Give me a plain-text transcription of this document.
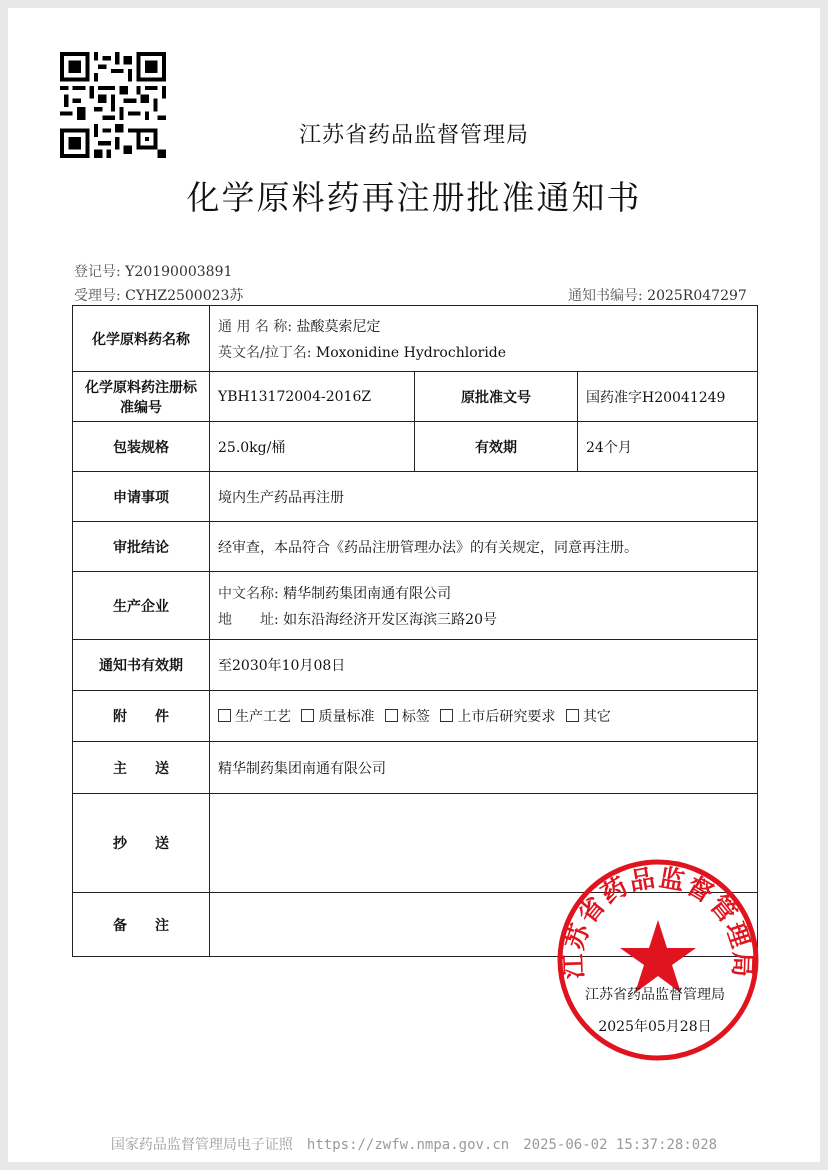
江苏省药品监督管理局
化学原料药再注册批准通知书
登记号: Y20190003891
受理号: CYHZ2500023苏	通知书编号: 2025R047297
化学原料药名称	通 用 名 称: 盐酸莫索尼定
英文名/拉丁名: Moxonidine Hydrochloride		

化学原料药注册标准编号	YBH13172004-2016Z	原批准文号	国药准字H20041249
包装规格	25.0kg/桶	有效期	24个月
申请事项	境内生产药品再注册		
审批结论	经审查，本品符合《药品注册管理办法》的有关规定，同意再注册。		
生产企业	中文名称: 精华制药集团南通有限公司
地　　址: 如东沿海经济开发区海滨三路20号		

通知书有效期	至2030年10月08日		
附　　件	生产工艺 质量标准 标签 上市后研究要求 其它		
主　　送	精华制药集团南通有限公司		
抄　　送			
备　　注			
江苏省药品监督管理局
江苏省药品监督管理局
2025年05月28日
国家药品监督管理局电子证照　https://zwfw.nmpa.gov.cn　2025-06-02 15:37:28:028
